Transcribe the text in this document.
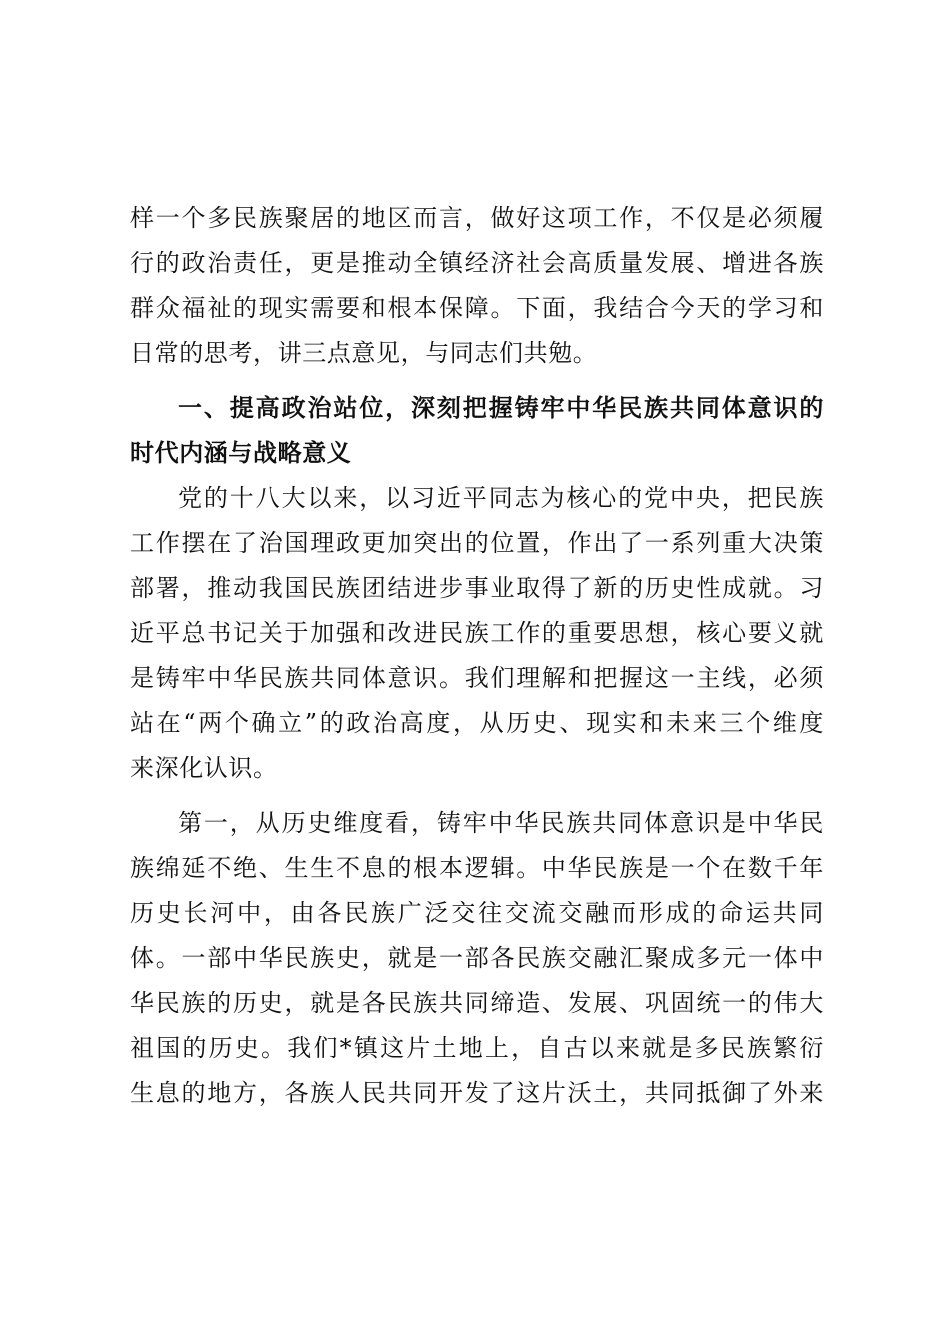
样一个多民族聚居的地区而言，做好这项工作，不仅是必须履
行的政治责任，更是推动全镇经济社会高质量发展、增进各族
群众福祉的现实需要和根本保障。下面，我结合今天的学习和
日常的思考，讲三点意见，与同志们共勉。
一、提高政治站位，深刻把握铸牢中华民族共同体意识的
时代内涵与战略意义
党的十八大以来，以习近平同志为核心的党中央，把民族
工作摆在了治国理政更加突出的位置，作出了一系列重大决策
部署，推动我国民族团结进步事业取得了新的历史性成就。习
近平总书记关于加强和改进民族工作的重要思想，核心要义就
是铸牢中华民族共同体意识。我们理解和把握这一主线，必须
站在“两个确立”的政治高度，从历史、现实和未来三个维度
来深化认识。
第一，从历史维度看，铸牢中华民族共同体意识是中华民
族绵延不绝、生生不息的根本逻辑。中华民族是一个在数千年
历史长河中，由各民族广泛交往交流交融而形成的命运共同
体。一部中华民族史，就是一部各民族交融汇聚成多元一体中
华民族的历史，就是各民族共同缔造、发展、巩固统一的伟大
祖国的历史。我们*镇这片土地上，自古以来就是多民族繁衍
生息的地方，各族人民共同开发了这片沃土，共同抵御了外来
